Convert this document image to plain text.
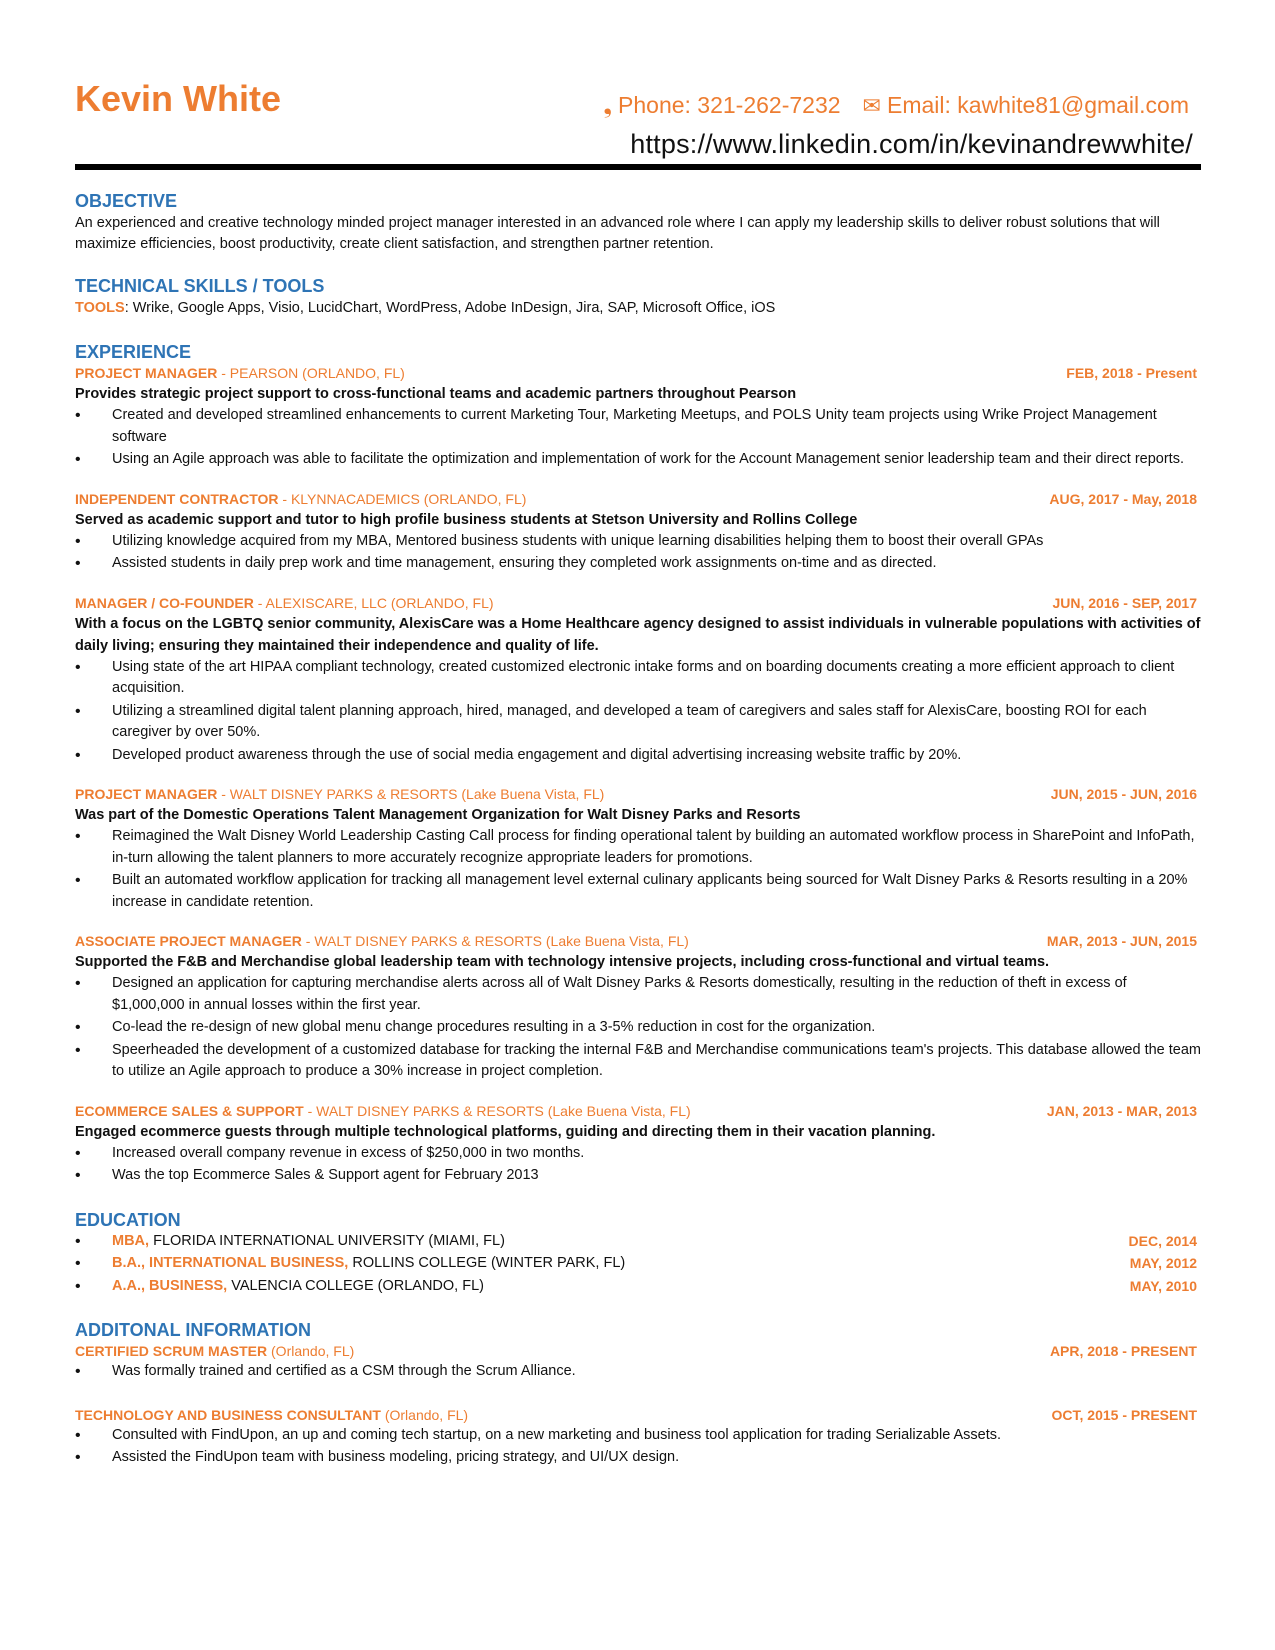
Kevin White	❟ Phone: 321-262-7232 ✉ Email: kawhite81@gmail.com
https://www.linkedin.com/in/kevinandrewwhite/
OBJECTIVE
An experienced and creative technology minded project manager interested in an advanced role where I can apply my leadership skills to deliver robust solutions that will maximize efficiencies, boost productivity, create client satisfaction, and strengthen partner retention.
TECHNICAL SKILLS / TOOLS
TOOLS: Wrike, Google Apps, Visio, LucidChart, WordPress, Adobe InDesign, Jira, SAP, Microsoft Office, iOS
EXPERIENCE
PROJECT MANAGER - PEARSON (ORLANDO, FL)	FEB, 2018 - Present
Provides strategic project support to cross-functional teams and academic partners throughout Pearson
• Created and developed streamlined enhancements to current Marketing Tour, Marketing Meetups, and POLS Unity team projects using Wrike Project Management software
• Using an Agile approach was able to facilitate the optimization and implementation of work for the Account Management senior leadership team and their direct reports.
INDEPENDENT CONTRACTOR - KLYNNACADEMICS (ORLANDO, FL)	AUG, 2017 - May, 2018
Served as academic support and tutor to high profile business students at Stetson University and Rollins College
• Utilizing knowledge acquired from my MBA, Mentored business students with unique learning disabilities helping them to boost their overall GPAs
• Assisted students in daily prep work and time management, ensuring they completed work assignments on-time and as directed.
MANAGER / CO-FOUNDER - ALEXISCARE, LLC (ORLANDO, FL)	JUN, 2016 - SEP, 2017
With a focus on the LGBTQ senior community, AlexisCare was a Home Healthcare agency designed to assist individuals in vulnerable populations with activities of daily living; ensuring they maintained their independence and quality of life.
• Using state of the art HIPAA compliant technology, created customized electronic intake forms and on boarding documents creating a more efficient approach to client acquisition.
• Utilizing a streamlined digital talent planning approach, hired, managed, and developed a team of caregivers and sales staff for AlexisCare, boosting ROI for each caregiver by over 50%.
• Developed product awareness through the use of social media engagement and digital advertising increasing website traffic by 20%.
PROJECT MANAGER - WALT DISNEY PARKS & RESORTS (Lake Buena Vista, FL)	JUN, 2015 - JUN, 2016
Was part of the Domestic Operations Talent Management Organization for Walt Disney Parks and Resorts
• Reimagined the Walt Disney World Leadership Casting Call process for finding operational talent by building an automated workflow process in SharePoint and InfoPath, in-turn allowing the talent planners to more accurately recognize appropriate leaders for promotions.
• Built an automated workflow application for tracking all management level external culinary applicants being sourced for Walt Disney Parks & Resorts resulting in a 20% increase in candidate retention.
ASSOCIATE PROJECT MANAGER - WALT DISNEY PARKS & RESORTS (Lake Buena Vista, FL)	MAR, 2013 - JUN, 2015
Supported the F&B and Merchandise global leadership team with technology intensive projects, including cross-functional and virtual teams.
• Designed an application for capturing merchandise alerts across all of Walt Disney Parks & Resorts domestically, resulting in the reduction of theft in excess of $1,000,000 in annual losses within the first year.
• Co-lead the re-design of new global menu change procedures resulting in a 3-5% reduction in cost for the organization.
• Speerheaded the development of a customized database for tracking the internal F&B and Merchandise communications team's projects. This database allowed the team to utilize an Agile approach to produce a 30% increase in project completion.
ECOMMERCE SALES & SUPPORT - WALT DISNEY PARKS & RESORTS (Lake Buena Vista, FL)	JAN, 2013 - MAR, 2013
Engaged ecommerce guests through multiple technological platforms, guiding and directing them in their vacation planning.
• Increased overall company revenue in excess of $250,000 in two months.
• Was the top Ecommerce Sales & Support agent for February 2013
EDUCATION
• MBA, FLORIDA INTERNATIONAL UNIVERSITY (MIAMI, FL)	DEC, 2014
• B.A., INTERNATIONAL BUSINESS, ROLLINS COLLEGE (WINTER PARK, FL)	MAY, 2012
• A.A., BUSINESS, VALENCIA COLLEGE (ORLANDO, FL)	MAY, 2010
ADDITONAL INFORMATION
CERTIFIED SCRUM MASTER (Orlando, FL)	APR, 2018 - PRESENT
• Was formally trained and certified as a CSM through the Scrum Alliance.
TECHNOLOGY AND BUSINESS CONSULTANT (Orlando, FL)	OCT, 2015 - PRESENT
• Consulted with FindUpon, an up and coming tech startup, on a new marketing and business tool application for trading Serializable Assets.
• Assisted the FindUpon team with business modeling, pricing strategy, and UI/UX design.
